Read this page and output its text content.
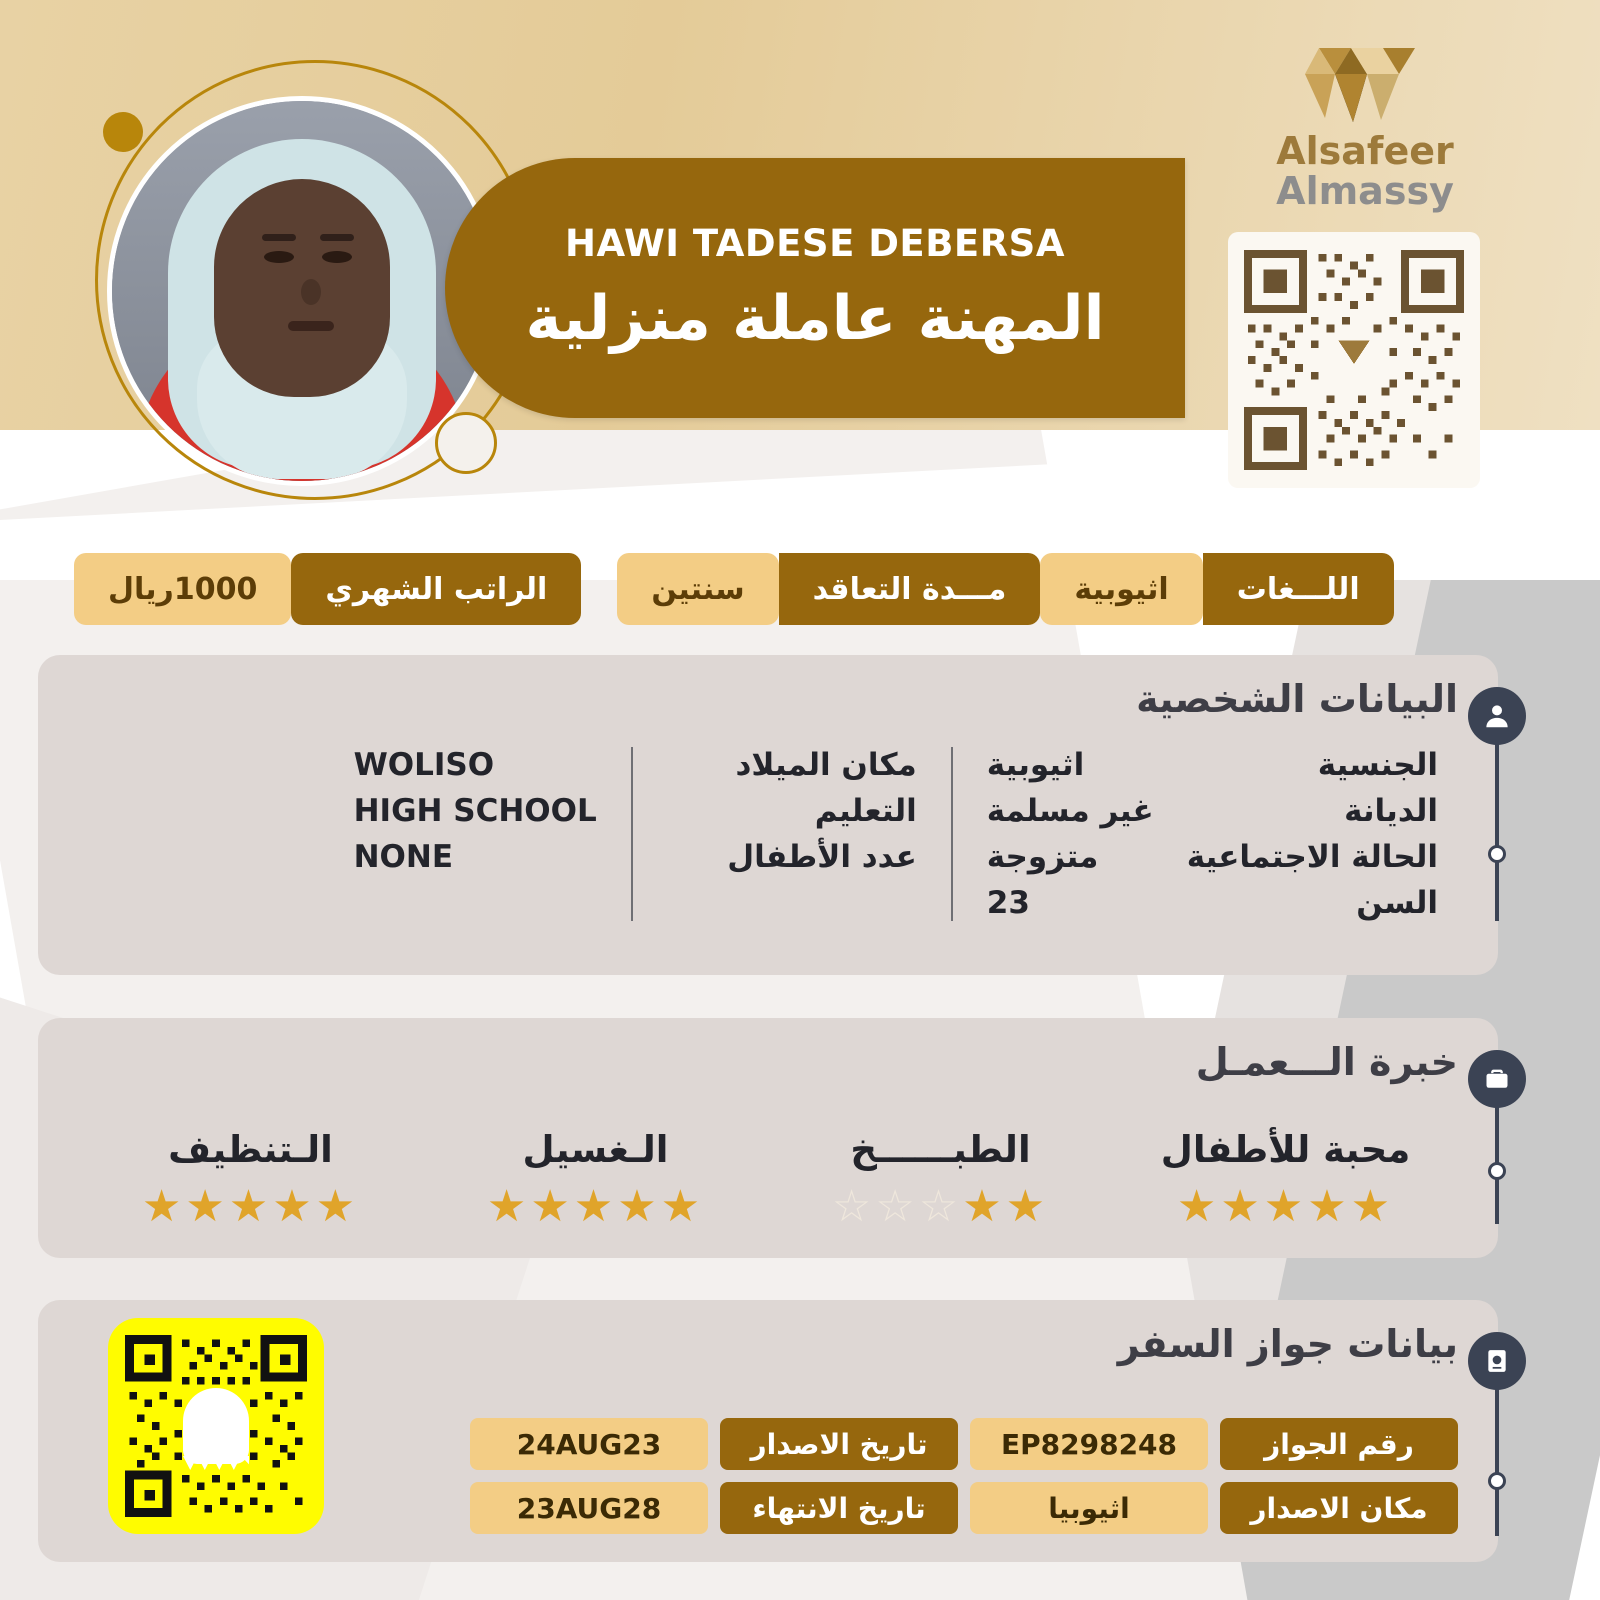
HAWI TADESE DEBERSA
المهنة عاملة منزلية
Alsafeer
Almassy
الراتب الشهري
1000ريال	مـــدة التعاقد
سنتين	اللـــغات
اثيوبية
البيانات الشخصية
الجنسية
الديانة
الحالة الاجتماعية
السن
اثيوبية
غير مسلمة
متزوجة
23
مكان الميلاد
التعليم
عدد الأطفال
WOLISO
HIGH SCHOOL
NONE
خبرة الـــعمـل
محبة للأطفال
★★★★★
الطبــــــخ
★★☆☆☆
الـغسيل
★★★★★
الـتنظيف
★★★★★
بيانات جواز السفر
رقم الجواز
EP8298248
تاريخ الاصدار
24AUG23
مكان الاصدار
اثيوبيا
تاريخ الانتهاء
23AUG28
